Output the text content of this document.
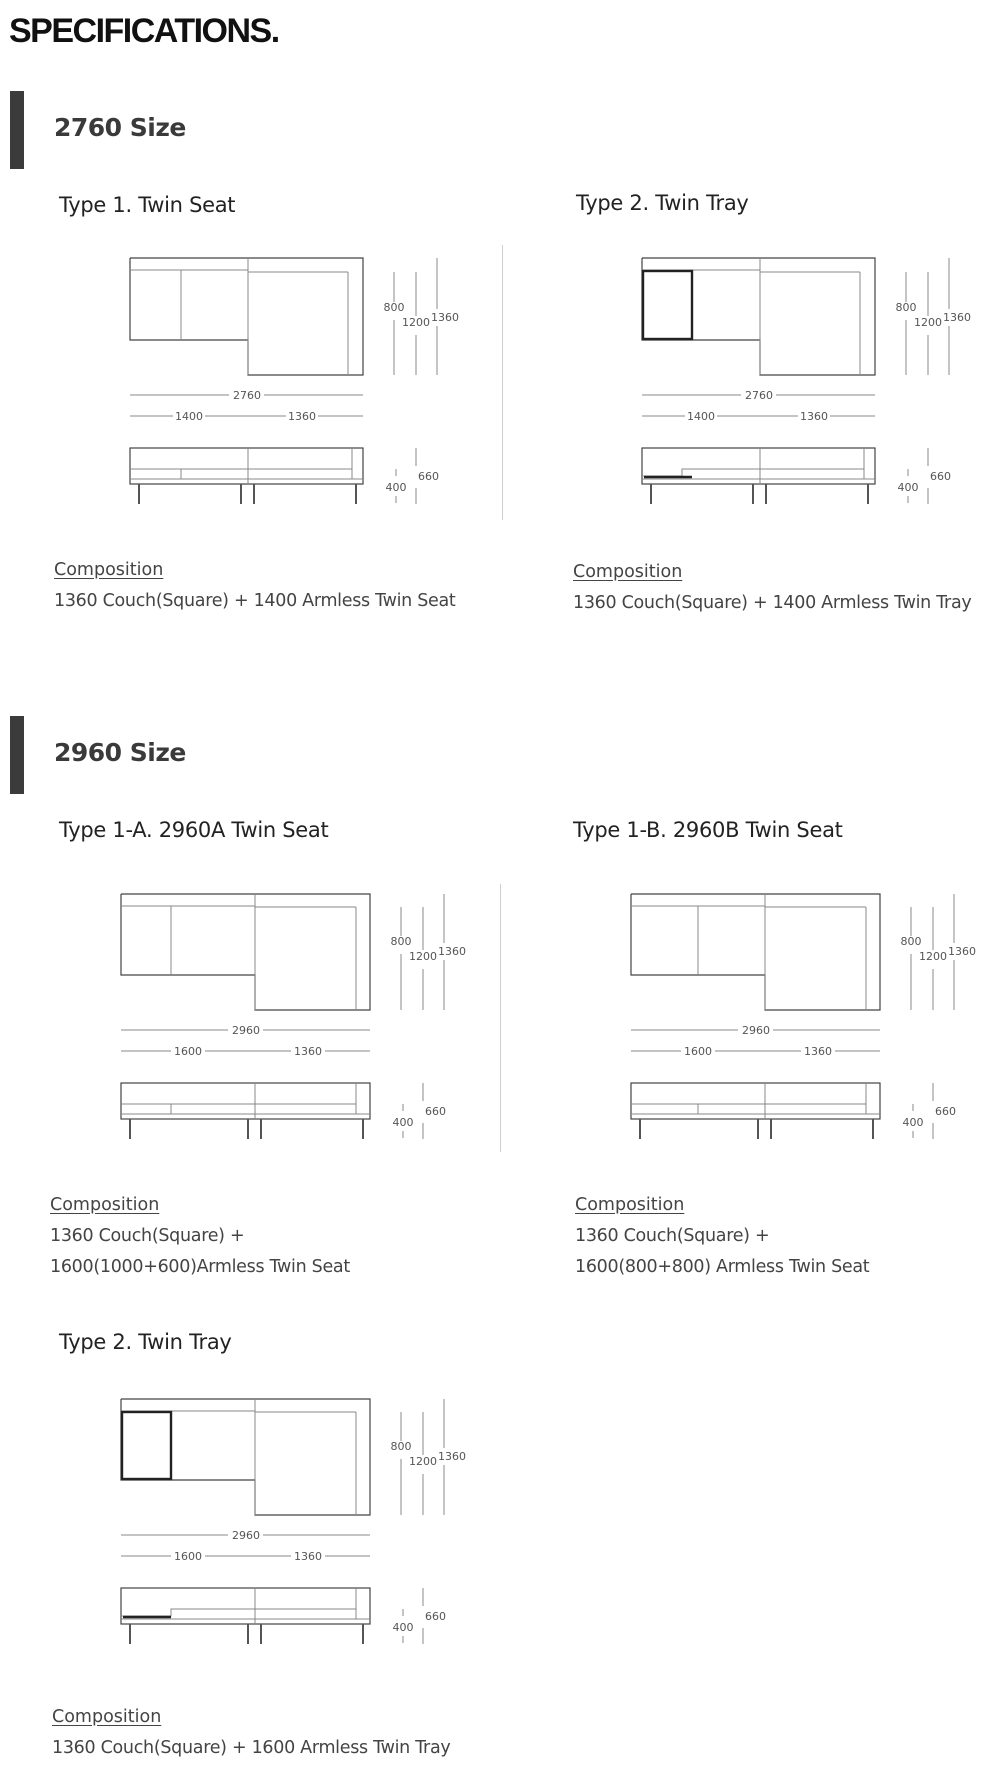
SPECIFICATIONS.
2760 Size
Type 1. Twin Seat	Type 2. Twin Tray
800
1200 1360
2760
1400	1360
400
660
800
1200 1360
2760
1400	1360
400
660

Composition

1360 Couch(Square) + 1400 Armless Twin Seat

Composition

1360 Couch(Square) + 1400 Armless Twin Tray

2960 Size
Type 1-A. 2960A Twin Seat	Type 1-B. 2960B Twin Seat
800
1200 1360
2960
1600	1360
400
660
800
1200 1360
2960
1600	1360
400
660

Composition

1360 Couch(Square) +

1600(1000+600)Armless Twin Seat

Composition

1360 Couch(Square) +

1600(800+800) Armless Twin Seat

Type 2. Twin Tray
800
1200 1360
2960
1600	1360
400
660

Composition

1360 Couch(Square) + 1600 Armless Twin Tray
